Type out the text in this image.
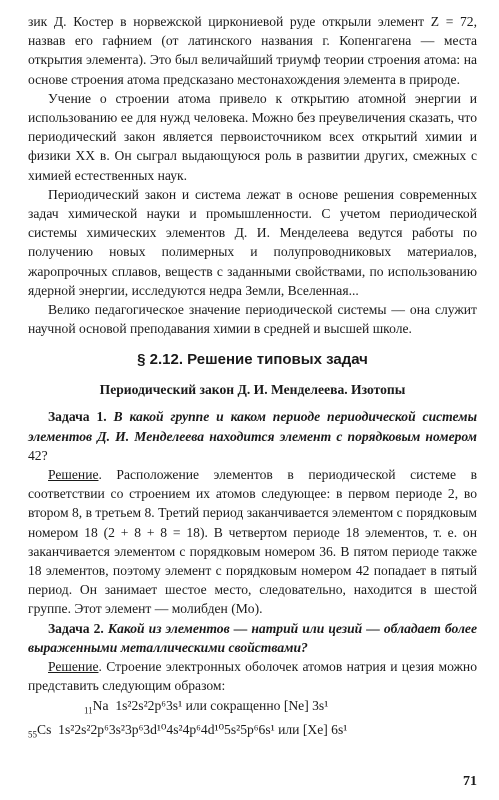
зик Д. Костер в норвежской циркониевой руде открыли элемент Z = 72, назвав его гафнием (от латинского названия г. Копенгагена — места открытия элемента). Это был величайший триумф теории строения атома: на основе строения атома предсказано местонахождения элемента в природе.

Учение о строении атома привело к открытию атомной энергии и использованию ее для нужд человека. Можно без преувеличения сказать, что периодический закон является первоисточником всех открытий химии и физики XX в. Он сыграл выдающуюся роль в развитии других, смежных с химией естественных наук.

Периодический закон и система лежат в основе решения современных задач химической науки и промышленности. С учетом периодической системы химических элементов Д. И. Менделеева ведутся работы по получению новых полимерных и полупроводниковых материалов, жаропрочных сплавов, веществ с заданными свойствами, по использованию ядерной энергии, исследуются недра Земли, Вселенная...

Велико педагогическое значение периодической системы — она служит научной основой преподавания химии в средней и высшей школе.

§ 2.12. Решение типовых задач
Периодический закон Д. И. Менделеева. Изотопы

Задача 1. В какой группе и каком периоде периодической системы элементов Д. И. Менделеева находится элемент с порядковым номером 42?

Решение. Расположение элементов в периодической системе в соответствии со строением их атомов следующее: в первом периоде 2, во втором 8, в третьем 8. Третий период заканчивается элементом с порядковым номером 18 (2 + 8 + 8 = 18). В четвертом периоде 18 элементов, т. е. он заканчивается элементом с порядковым номером 36. В пятом периоде также 18 элементов, поэтому элемент с порядковым номером 42 попадает в пятый период. Он занимает шестое место, следовательно, находится в шестой группе. Этот элемент — молибден (Mo).

Задача 2. Какой из элементов — натрий или цезий — обладает более выраженными металлическими свойствами?

Решение. Строение электронных оболочек атомов натрия и цезия можно представить следующим образом:

$_{11}$Na 1s²2s²2p⁶3s¹ или сокращенно [Ne] 3s¹

$_{55}$Cs 1s²2s²2p⁶3s²3p⁶3d¹⁰4s²4p⁶4d¹⁰5s²5p⁶6s¹ или [Xe] 6s¹

71
